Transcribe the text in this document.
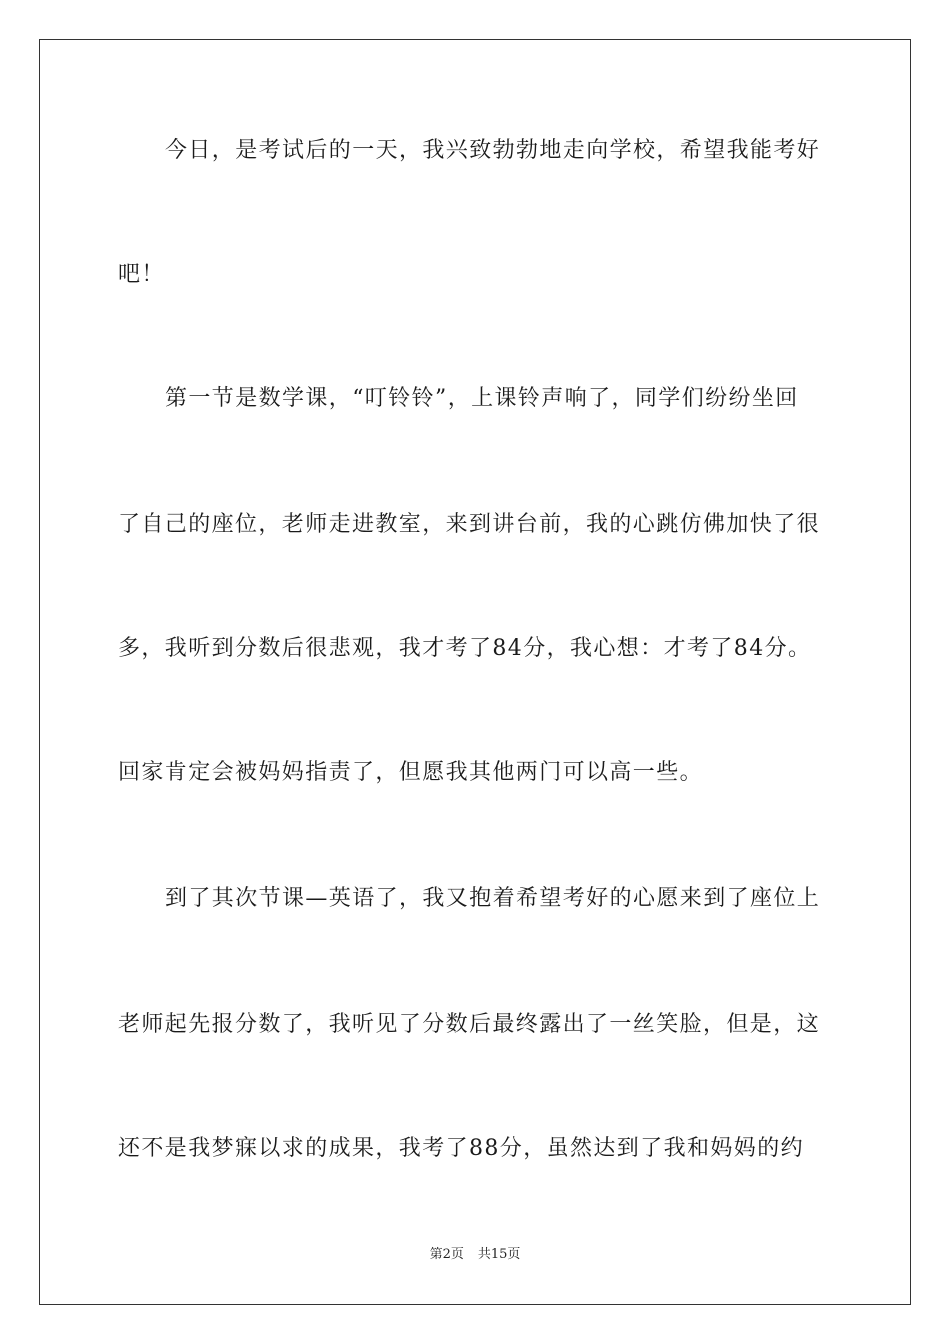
今日，是考试后的一天，我兴致勃勃地走向学校，希望我能考好
吧！
第一节是数学课，“叮铃铃”，上课铃声响了，同学们纷纷坐回
了自己的座位，老师走进教室，来到讲台前，我的心跳仿佛加快了很
多，我听到分数后很悲观，我才考了84分，我心想：才考了84分。
回家肯定会被妈妈指责了，但愿我其他两门可以高一些。
到了其次节课—英语了，我又抱着希望考好的心愿来到了座位上
老师起先报分数了，我听见了分数后最终露出了一丝笑脸，但是，这
还不是我梦寐以求的成果，我考了88分，虽然达到了我和妈妈的约
第2页 共15页
